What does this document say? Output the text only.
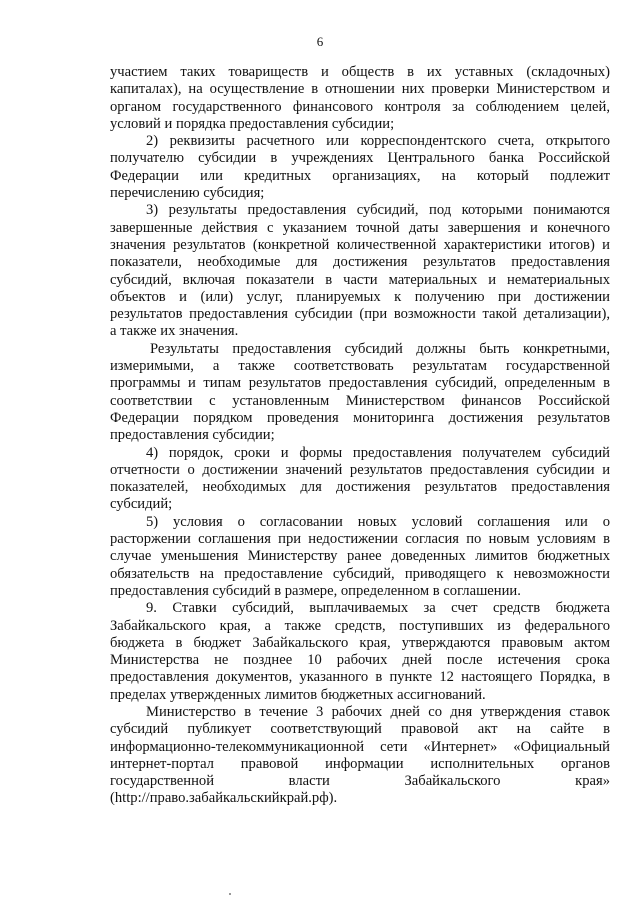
6

участием таких товариществ и обществ в их уставных (складочных)
капиталах), на осуществление в отношении них проверки Министерством и
органом государственного финансового контроля за соблюдением целей,
условий и порядка предоставления субсидии;

2) реквизиты расчетного или корреспондентского счета, открытого
получателю субсидии в учреждениях Центрального банка Российской
Федерации или кредитных организациях, на который подлежит
перечислению субсидия;

3) результаты предоставления субсидий, под которыми понимаются
завершенные действия с указанием точной даты завершения и конечного
значения результатов (конкретной количественной характеристики итогов) и
показатели, необходимые для достижения результатов предоставления
субсидий, включая показатели в части материальных и нематериальных
объектов и (или) услуг, планируемых к получению при достижении
результатов предоставления субсидии (при возможности такой детализации),
а также их значения.

Результаты предоставления субсидий должны быть конкретными,
измеримыми, а также соответствовать результатам государственной
программы и типам результатов предоставления субсидий, определенным в
соответствии с установленным Министерством финансов Российской
Федерации порядком проведения мониторинга достижения результатов
предоставления субсидии;

4) порядок, сроки и формы предоставления получателем субсидий
отчетности о достижении значений результатов предоставления субсидии и
показателей, необходимых для достижения результатов предоставления
субсидий;

5) условия о согласовании новых условий соглашения или о
расторжении соглашения при недостижении согласия по новым условиям в
случае уменьшения Министерству ранее доведенных лимитов бюджетных
обязательств на предоставление субсидий, приводящего к невозможности
предоставления субсидий в размере, определенном в соглашении.

9. Ставки субсидий, выплачиваемых за счет средств бюджета
Забайкальского края, а также средств, поступивших из федерального
бюджета в бюджет Забайкальского края, утверждаются правовым актом
Министерства не позднее 10 рабочих дней после истечения срока
предоставления документов, указанного в пункте 12 настоящего Порядка, в
пределах утвержденных лимитов бюджетных ассигнований.

Министерство в течение 3 рабочих дней со дня утверждения ставок
субсидий публикует соответствующий правовой акт на сайте в
информационно-телекоммуникационной сети «Интернет» «Официальный
интернет-портал правовой информации исполнительных органов
государственной власти Забайкальского края»
(http://право.забайкальскийкрай.рф).
